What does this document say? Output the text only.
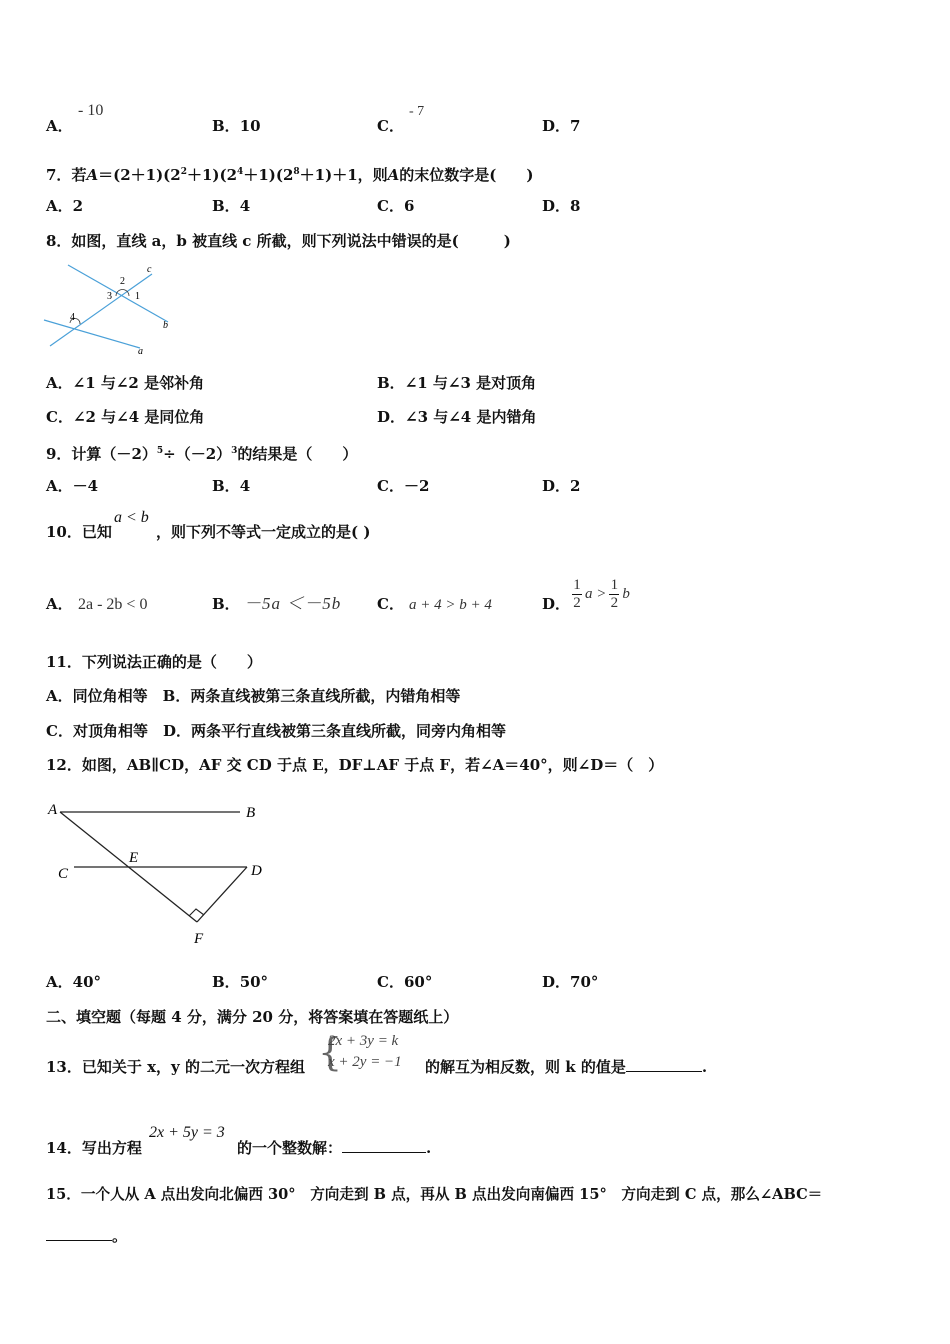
A．
- 10
B．10	C．
- 7
D．7
7．若$A=(2+1)(2^2+1)(2^4+1)(2^8+1)+1$，则A的末位数字是(　　)
A．2	B．4	C．6	D．8
8．如图，直线 a，b 被直线 c 所截，则下列说法中错误的是(　　　)
2
c
3 1
4
b
a
A．∠1 与∠2 是邻补角	B．∠1 与∠3 是对顶角
C．∠2 与∠4 是同位角	D．∠3 与∠4 是内错角
9．计算$(-2)^5\div(-2)^3$的结果是（　　）
A．－4	B．4	C．－2	D．2
10．已知
a < b
，则下列不等式一定成立的是( )
A． 2a - 2b < 0	B． －5a ＜－5b C． a + 4 > b + 4	D． $\frac{1}{2}$ $a > \frac{1}{2}$ b
11．下列说法正确的是（　　）
A．同位角相等　B．两条直线被第三条直线所截，内错角相等
C．对顶角相等　D．两条平行直线被第三条直线所截，同旁内角相等
12．如图，AB∥CD，AF 交 CD 于点 E，DF⊥AF 于点 F，若∠A＝40°，则∠D＝（　）
A	B
E
C	D
F
A．40°	B．50°	C．60°	D．70°
二、填空题（每题 4 分，满分 20 分，将答案填在答题纸上）
13．已知关于 x，y 的二元一次方程组 {
2x + 3y = k
x + 2y = −1 的解互为相反数，则 k 的值是	.
14．写出方程
2x + 5y = 3
的一个整数解：	.
15．一个人从 A 点出发向北偏西 30°　方向走到 B 点，再从 B 点出发向南偏西 15°　方向走到 C 点，那么∠ABC＝
。
